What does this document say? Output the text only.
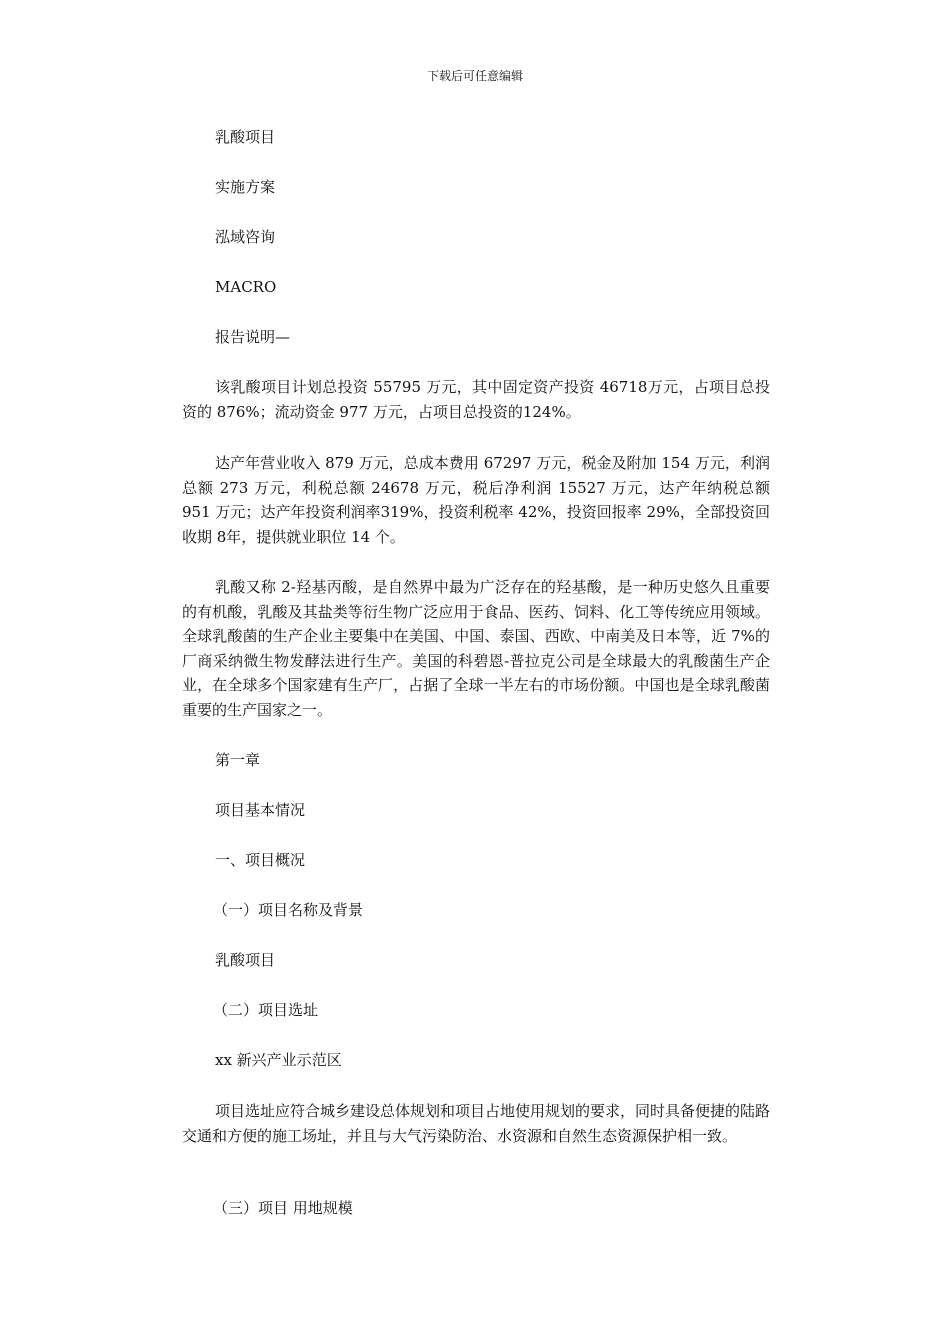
下载后可任意编辑
乳酸项目
实施方案
泓域咨询
MACRO
报告说明—
该乳酸项目计划总投资 55795 万元，其中固定资产投资 46718万元，占项目总投资的 876%；流动资金 977 万元，占项目总投资的124%。
达产年营业收入 879 万元，总成本费用 67297 万元，税金及附加 154 万元，利润总额 273 万元，利税总额 24678 万元，税后净利润 15527 万元，达产年纳税总额 951 万元；达产年投资利润率319%，投资利税率 42%，投资回报率 29%，全部投资回收期 8年，提供就业职位 14 个。
乳酸又称 2-羟基丙酸，是自然界中最为广泛存在的羟基酸，是一种历史悠久且重要的有机酸，乳酸及其盐类等衍生物广泛应用于食品、医药、饲料、化工等传统应用领域。全球乳酸菌的生产企业主要集中在美国、中国、泰国、西欧、中南美及日本等，近 7%的厂商采纳微生物发酵法进行生产。美国的科碧恩-普拉克公司是全球最大的乳酸菌生产企业，在全球多个国家建有生产厂，占据了全球一半左右的市场份额。中国也是全球乳酸菌重要的生产国家之一。
第一章
项目基本情况
一、项目概况
（一）项目名称及背景
乳酸项目
（二）项目选址
xx 新兴产业示范区
项目选址应符合城乡建设总体规划和项目占地使用规划的要求，同时具备便捷的陆路交通和方便的施工场址，并且与大气污染防治、水资源和自然生态资源保护相一致。
（三）项目 用地规模
